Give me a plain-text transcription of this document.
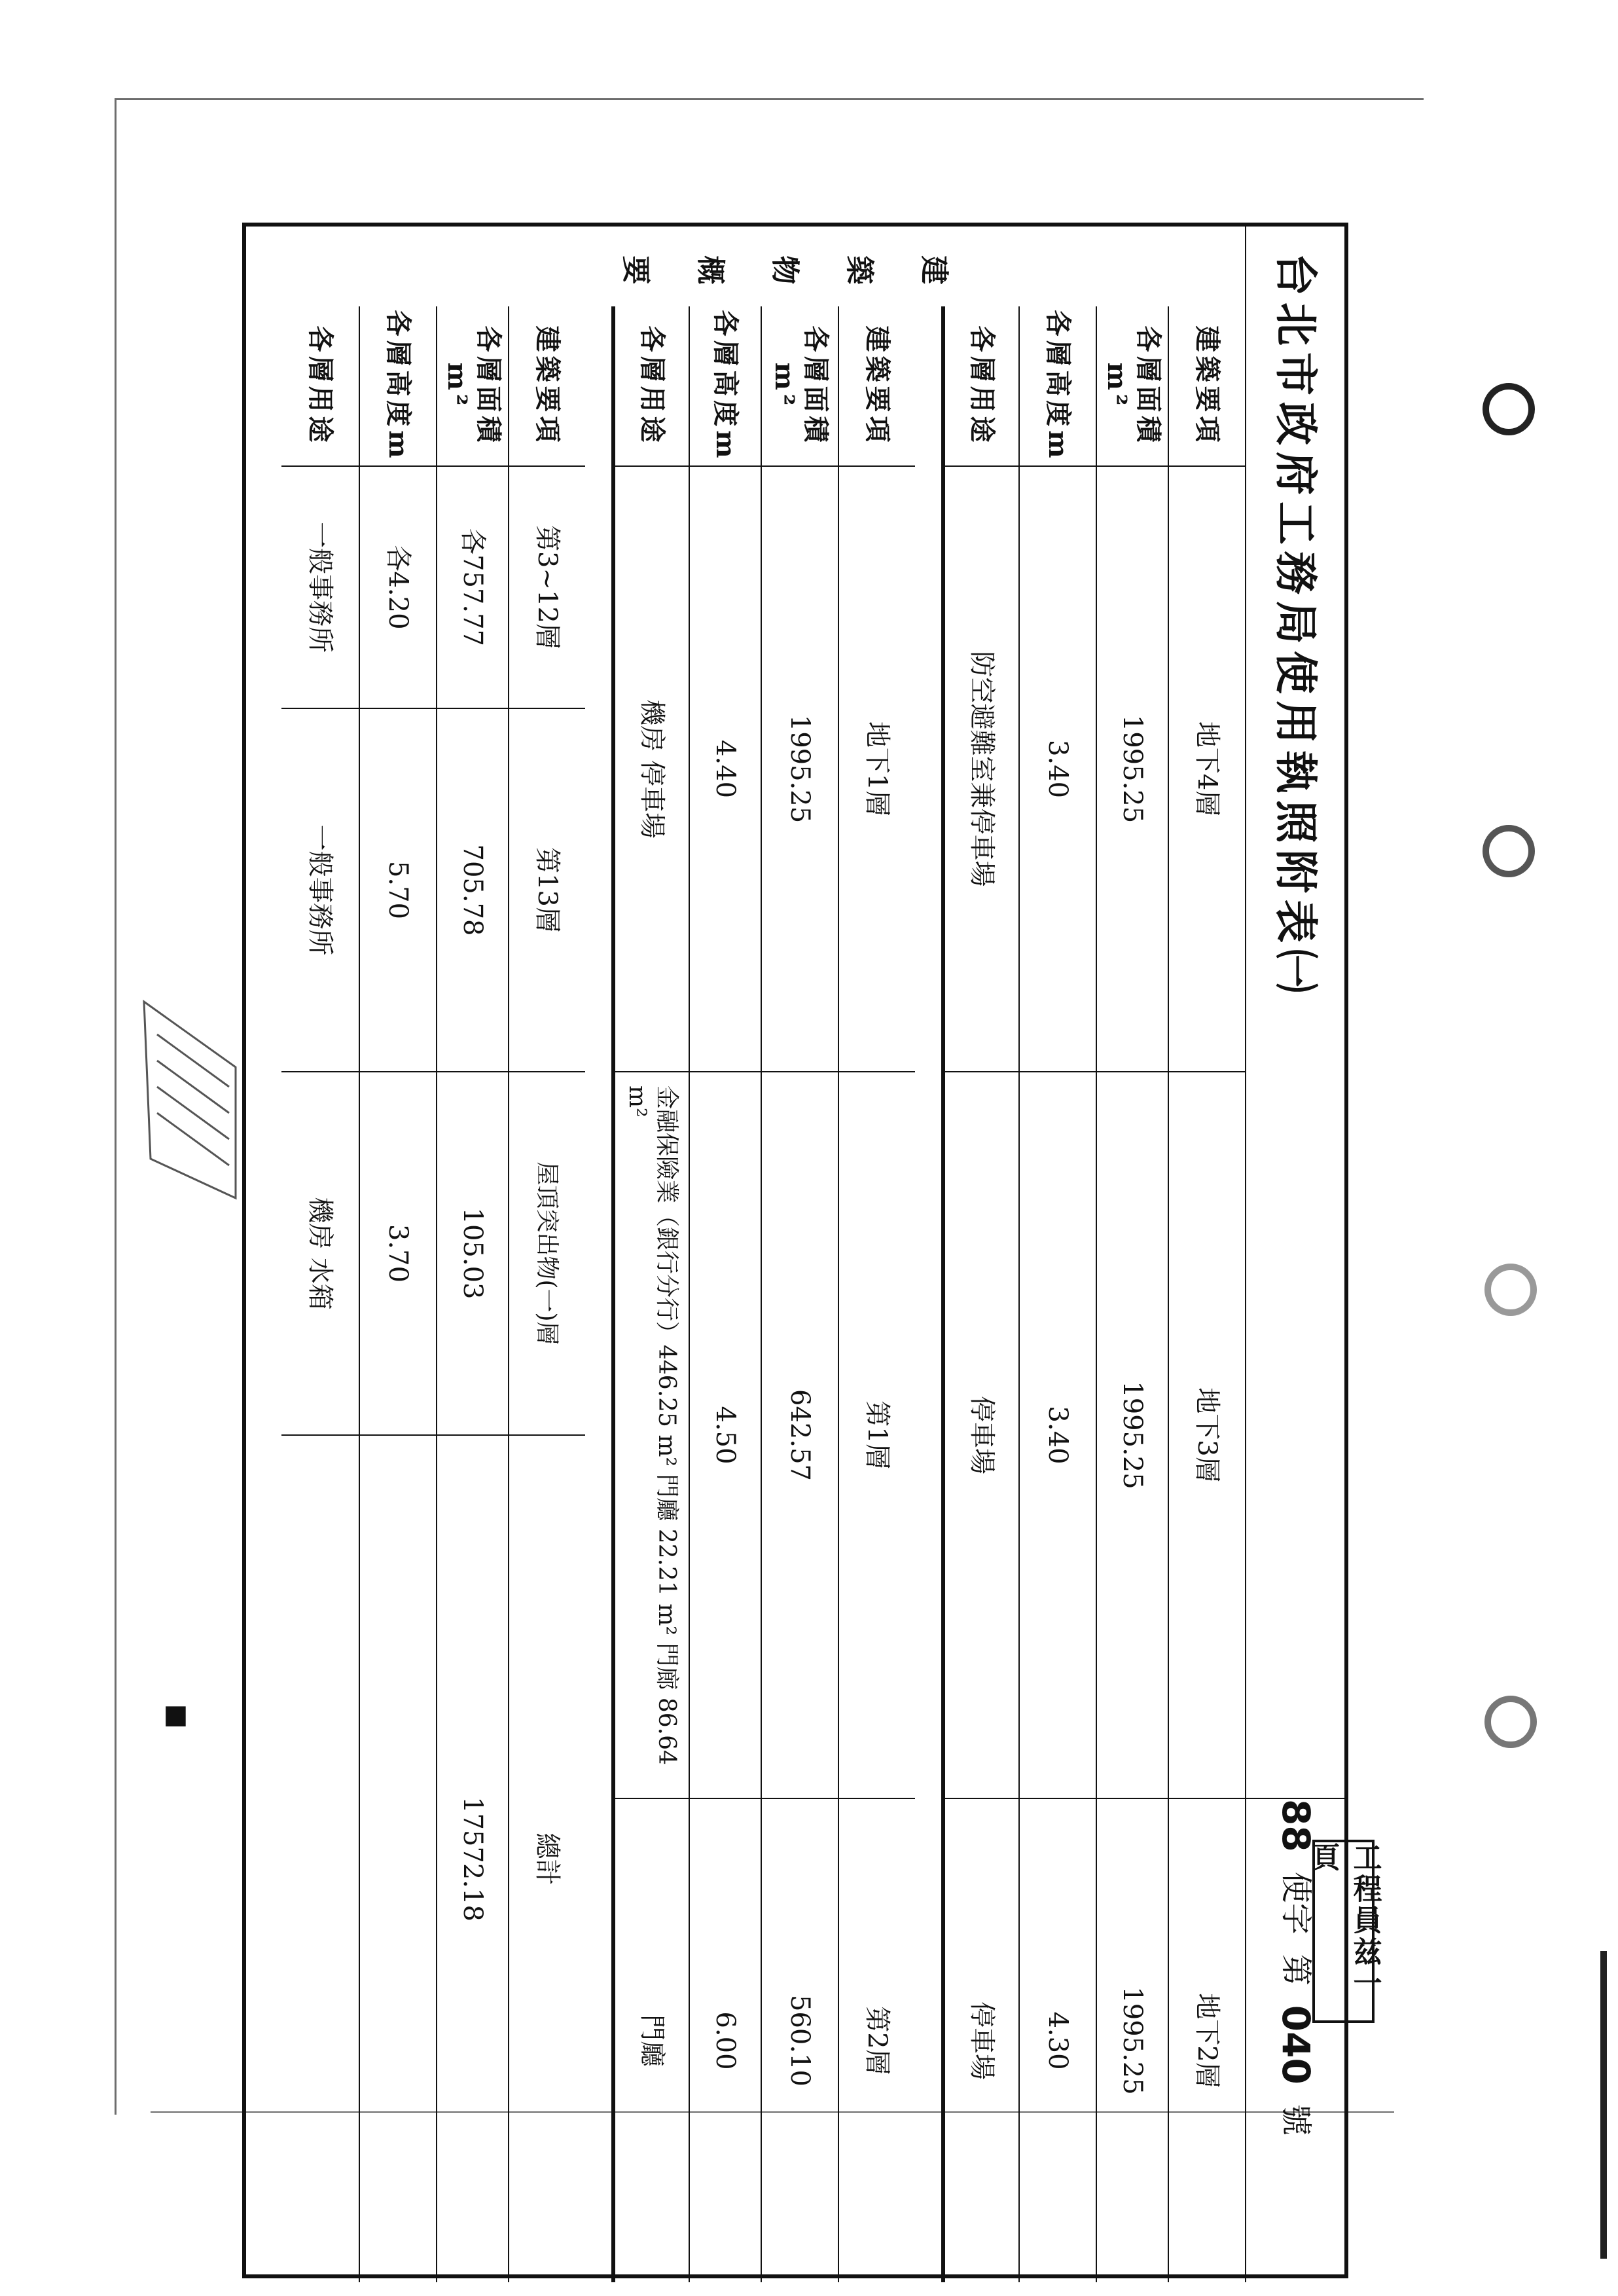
台北市政府工務局使用執照附表㈠
88
使字
第
040
號
建築物概要
建築要項
地下4層
地下3層
地下2層
各層面積m²
1995.25
1995.25
1995.25
各層高度m
3.40
3.40
4.30
各層用途
防空避難室兼停車場
停車場
停車場
建築要項
地下1層
第1層
第2層
各層面積m²
1995.25
642.57
560.10
各層高度m
4.40
4.50
6.00
各層用途
機房 停車場
金融保險業（銀行分行）446.25 m² 門廳 22.21 m² 門廊 86.64 m²
門廳
建築要項
第3~12層
第13層
屋頂突出物(一)層
總計
各層面積m²
各757.77
705.78
105.03
17572.18
各層高度m
各4.20
5.70
3.70
各層用途
一般事務所
一般事務所
機房 水箱
工程員兹一頁
■
